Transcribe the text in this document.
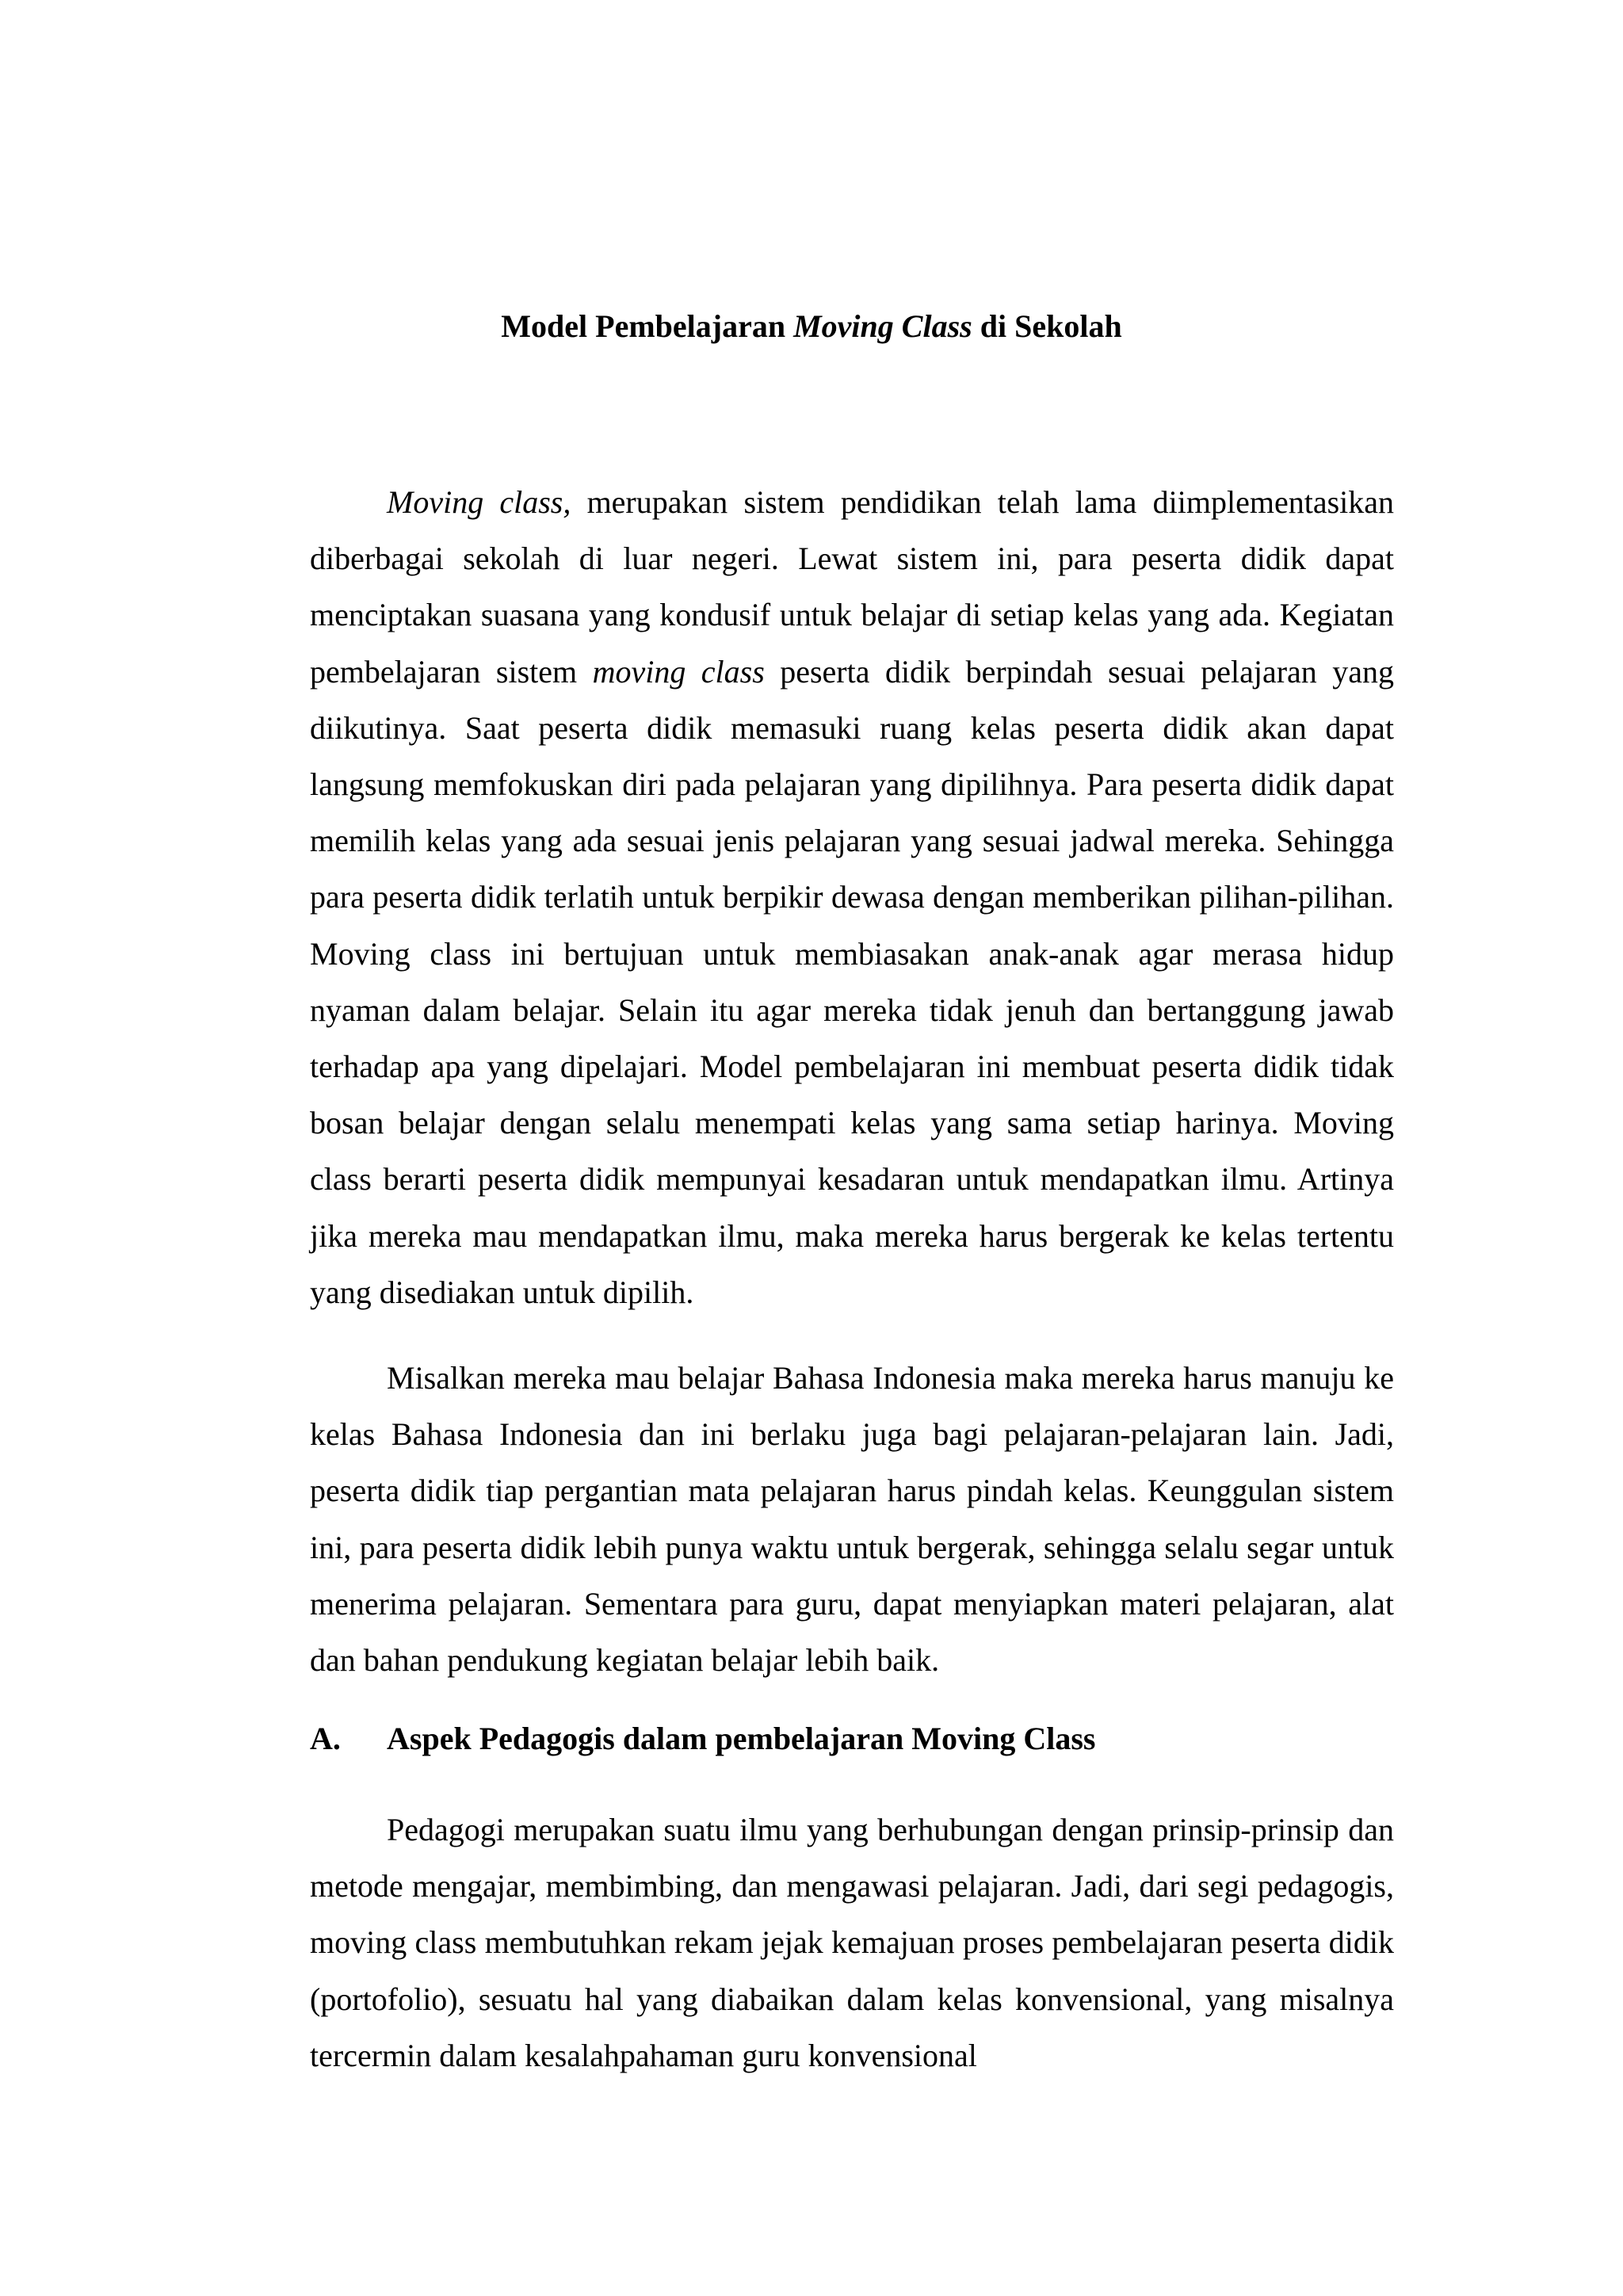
Model Pembelajaran Moving Class di Sekolah

Moving class, merupakan sistem pendidikan telah lama diimplementasikan diberbagai sekolah di luar negeri. Lewat sistem ini, para peserta didik dapat menciptakan suasana yang kondusif untuk belajar di setiap kelas yang ada. Kegiatan pembelajaran sistem moving class peserta didik berpindah sesuai pelajaran yang diikutinya. Saat peserta didik memasuki ruang kelas peserta didik akan dapat langsung memfokuskan diri pada pelajaran yang dipilihnya. Para peserta didik dapat memilih kelas yang ada sesuai jenis pelajaran yang sesuai jadwal mereka. Sehingga para peserta didik terlatih untuk berpikir dewasa dengan memberikan pilihan-pilihan. Moving class ini bertujuan untuk membiasakan anak-anak agar merasa hidup nyaman dalam belajar. Selain itu agar mereka tidak jenuh dan bertanggung jawab terhadap apa yang dipelajari. Model pembelajaran ini membuat peserta didik tidak bosan belajar dengan selalu menempati kelas yang sama setiap harinya. Moving class berarti peserta didik mempunyai kesadaran untuk mendapatkan ilmu. Artinya jika mereka mau mendapatkan ilmu, maka mereka harus bergerak ke kelas tertentu yang disediakan untuk dipilih.

Misalkan mereka mau belajar Bahasa Indonesia maka mereka harus manuju ke kelas Bahasa Indonesia dan ini berlaku juga bagi pelajaran-pelajaran lain. Jadi, peserta didik tiap pergantian mata pelajaran harus pindah kelas. Keunggulan sistem ini, para peserta didik lebih punya waktu untuk bergerak, sehingga selalu segar untuk menerima pelajaran. Sementara para guru, dapat menyiapkan materi pelajaran, alat dan bahan pendukung kegiatan belajar lebih baik.

A. Aspek Pedagogis dalam pembelajaran Moving Class

Pedagogi merupakan suatu ilmu yang berhubungan dengan prinsip-prinsip dan metode mengajar, membimbing, dan mengawasi pelajaran. Jadi, dari segi pedagogis, moving class membutuhkan rekam jejak kemajuan proses pembelajaran peserta didik (portofolio), sesuatu hal yang diabaikan dalam kelas konvensional, yang misalnya tercermin dalam kesalahpahaman guru konvensional
